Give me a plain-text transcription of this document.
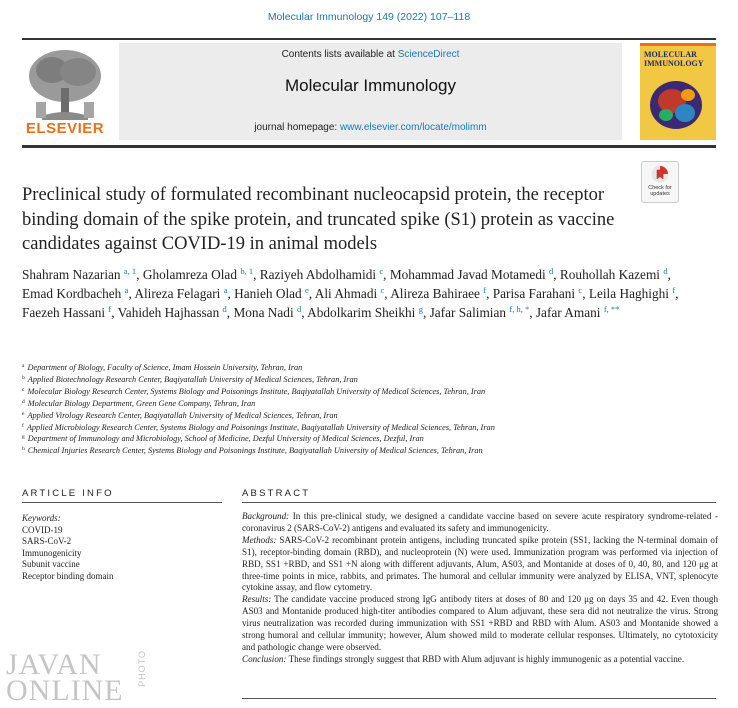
Molecular Immunology 149 (2022) 107–118
ELSEVIER
Contents lists available at ScienceDirect
Molecular Immunology
journal homepage: www.elsevier.com/locate/molimm
MOLECULAR IMMUNOLOGY
Check for
updates
Preclinical study of formulated recombinant nucleocapsid protein, the receptor binding domain of the spike protein, and truncated spike (S1) protein as vaccine candidates against COVID-19 in animal models
Shahram Nazarian $^{a, 1}$, Gholamreza Olad $^{b, 1}$, Raziyeh Abdolhamidi $^c$, Mohammad Javad Motamedi $^d$, Rouhollah Kazemi $^d$, Emad Kordbacheh $^a$, Alireza Felagari $^a$, Hanieh Olad $^e$, Ali Ahmadi $^c$, Alireza Bahiraee $^f$, Parisa Farahani $^c$, Leila Haghighi $^f$, Faezeh Hassani $^f$, Vahideh Hajhassan $^d$, Mona Nadi $^d$, Abdolkarim Sheikhi $^g$, Jafar Salimian $^{f, h, *}$, Jafar Amani $^{f, **}$
$^a$ Department of Biology, Faculty of Science, Imam Hossein University, Tehran, Iran
$^b$ Applied Biotechnology Research Center, Baqiyatallah University of Medical Sciences, Tehran, Iran
$^c$ Molecular Biology Research Center, Systems Biology and Poisonings Institute, Baqiyatallah University of Medical Sciences, Tehran, Iran
$^d$ Molecular Biology Department, Green Gene Company, Tehran, Iran
$^e$ Applied Virology Research Center, Baqiyatallah University of Medical Sciences, Tehran, Iran
$^f$ Applied Microbiology Research Center, Systems Biology and Poisonings Institute, Baqiyatallah University of Medical Sciences, Tehran, Iran
$^g$ Department of Immunology and Microbiology, School of Medicine, Dezful University of Medical Sciences, Dezful, Iran
$^h$ Chemical Injuries Research Center, Systems Biology and Poisonings Institute, Baqiyatallah University of Medical Sciences, Tehran, Iran
ARTICLE INFO
Keywords:
COVID-19
SARS-CoV-2
Immunogenicity
Subunit vaccine
Receptor binding domain
ABSTRACT

Background: In this pre-clinical study, we designed a candidate vaccine based on severe acute respiratory syndrome-related -coronavirus 2 (SARS-CoV-2) antigens and evaluated its safety and immunogenicity.

Methods: SARS-CoV-2 recombinant protein antigens, including truncated spike protein (SS1, lacking the N-terminal domain of S1), receptor-binding domain (RBD), and nucleoprotein (N) were used. Immunization program was performed via injection of RBD, SS1 +RBD, and SS1 +N along with different adjuvants, Alum, AS03, and Montanide at doses of 0, 40, 80, and 120 μg at three-time points in mice, rabbits, and primates. The humoral and cellular immunity were analyzed by ELISA, VNT, splenocyte cytokine assay, and flow cytometry.

Results: The candidate vaccine produced strong IgG antibody titers at doses of 80 and 120 μg on days 35 and 42. Even though AS03 and Montanide produced high-titer antibodies compared to Alum adjuvant, these sera did not neutralize the virus. Strong virus neutralization was recorded during immunization with SS1 +RBD and RBD with Alum. AS03 and Montanide showed a strong humoral and cellular immunity; however, Alum showed mild to moderate cellular responses. Ultimately, no cytotoxicity and pathologic change were observed.

Conclusion: These findings strongly suggest that RBD with Alum adjuvant is highly immunogenic as a potential vaccine.

JAVAN
ONLINE
PHOTO
